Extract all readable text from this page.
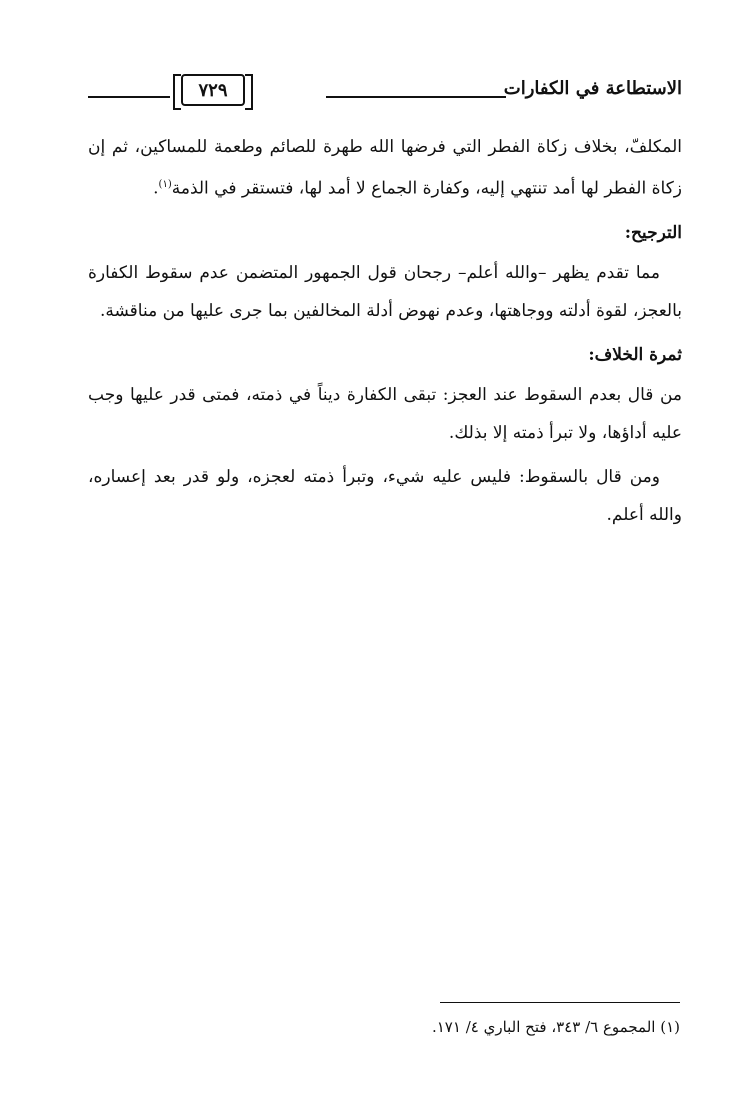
الاستطاعة في الكفارات
٧٢٩

المكلفّ، بخلاف زكاة الفطر التي فرضها الله طهرة للصائم وطعمة للمساكين، ثم إن زكاة الفطر لها أمد تنتهي إليه، وكفارة الجماع لا أمد لها، فتستقر في الذمة$^{(١)}$.

الترجيح:

مما تقدم يظهر –والله أعلم– رجحان قول الجمهور المتضمن عدم سقوط الكفارة بالعجز، لقوة أدلته ووجاهتها، وعدم نهوض أدلة المخالفين بما جرى عليها من مناقشة.

ثمرة الخلاف:

من قال بعدم السقوط عند العجز: تبقى الكفارة ديناً في ذمته، فمتى قدر عليها وجب عليه أداؤها، ولا تبرأ ذمته إلا بذلك.

ومن قال بالسقوط: فليس عليه شيء، وتبرأ ذمته لعجزه، ولو قدر بعد إعساره، والله أعلم.

(١) المجموع ٦/ ٣٤٣، فتح الباري ٤/ ١٧١.
